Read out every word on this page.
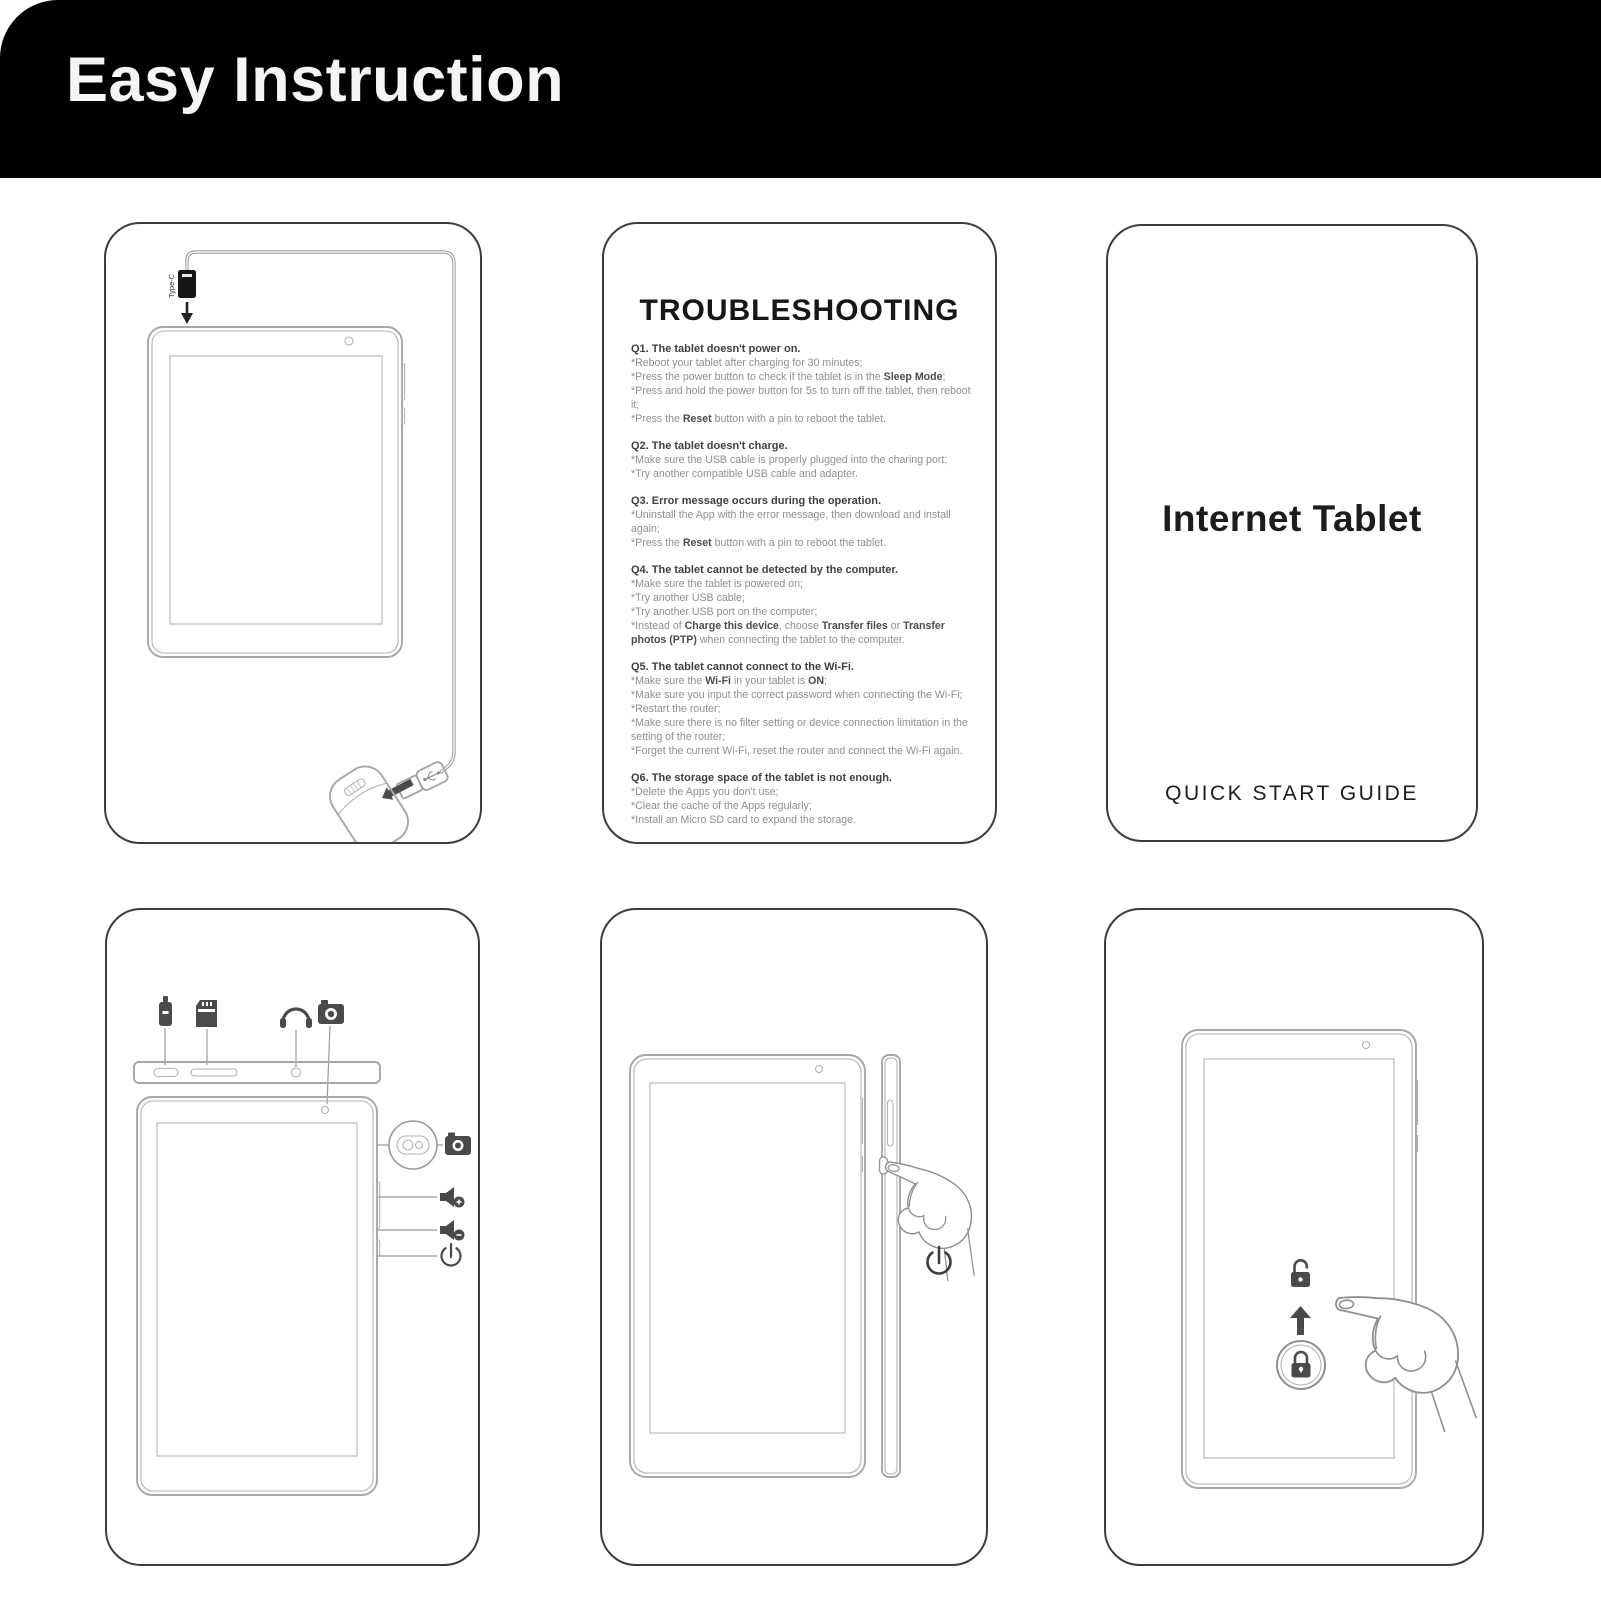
Easy Instruction
Type-C
TROUBLESHOOTING
Q1. The tablet doesn't power on.
*Reboot your tablet after charging for 30 minutes;
*Press the power button to check if the tablet is in the Sleep Mode;
*Press and hold the power button for 5s to turn off the tablet, then reboot it;
*Press the Reset button with a pin to reboot the tablet.
Q2. The tablet doesn't charge.
*Make sure the USB cable is properly plugged into the charing port;
*Try another compatible USB cable and adapter.
Q3. Error message occurs during the operation.
*Uninstall the App with the error message, then download and install again;
*Press the Reset button with a pin to reboot the tablet.
Q4. The tablet cannot be detected by the computer.
*Make sure the tablet is powered on;
*Try another USB cable;
*Try another USB port on the computer;
*Instead of Charge this device, choose Transfer files or Transfer photos (PTP) when connecting the tablet to the computer.
Q5. The tablet cannot connect to the Wi-Fi.
*Make sure the Wi-Fi in your tablet is ON;
*Make sure you input the correct password when connecting the Wi-Fi;
*Restart the router;
*Make sure there is no filter setting or device connection limitation in the setting of the router;
*Forget the current Wi-Fi, reset the router and connect the Wi-Fi again.
Q6. The storage space of the tablet is not enough.
*Delete the Apps you don't use;
*Clear the cache of the Apps regularly;
*Install an Micro SD card to expand the storage.
Internet Tablet
QUICK START GUIDE
